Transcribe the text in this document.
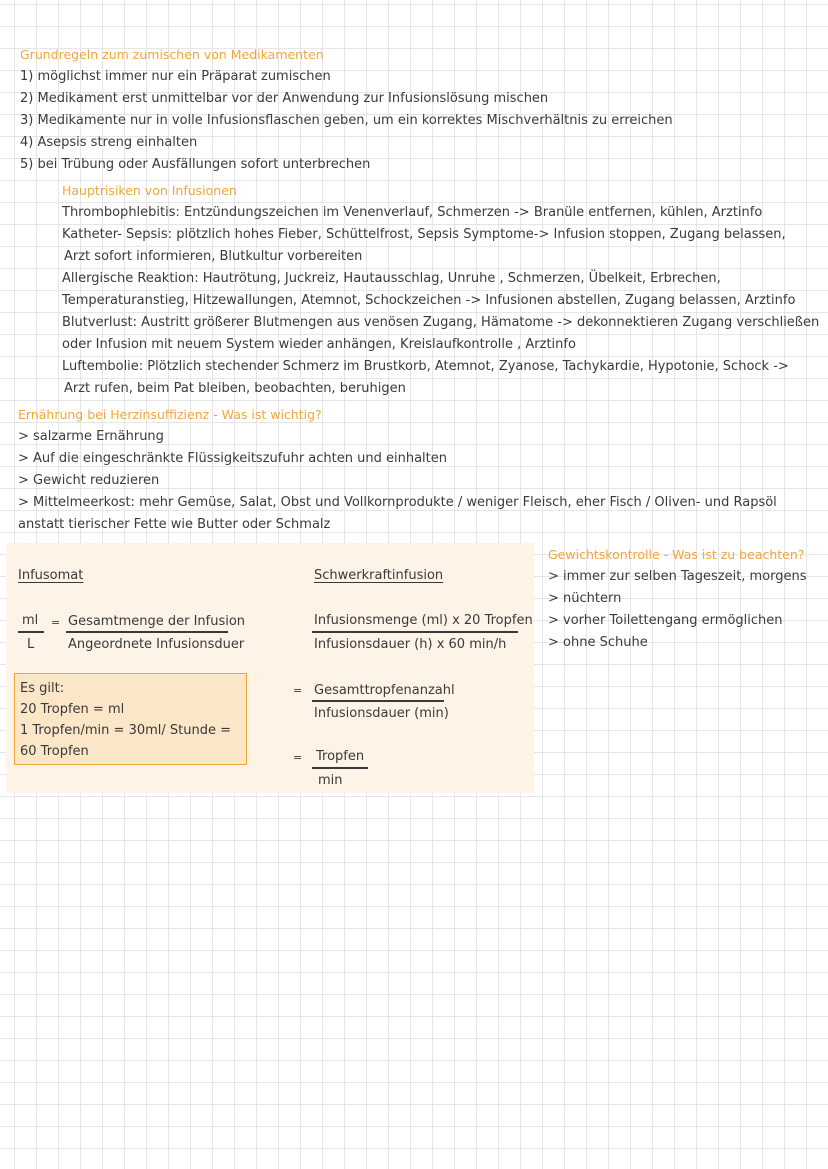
Grundregeln zum zumischen von Medikamenten
1) möglichst immer nur ein Präparat zumischen
2) Medikament erst unmittelbar vor der Anwendung zur Infusionslösung mischen
3) Medikamente nur in volle Infusionsflaschen geben, um ein korrektes Mischverhältnis zu erreichen
4) Asepsis streng einhalten
5) bei Trübung oder Ausfällungen sofort unterbrechen
Hauptrisiken von Infusionen
Thrombophlebitis: Entzündungszeichen im Venenverlauf, Schmerzen -> Branüle entfernen, kühlen, Arztinfo
Katheter- Sepsis: plötzlich hohes Fieber, Schüttelfrost, Sepsis Symptome-> Infusion stoppen, Zugang belassen,
Arzt sofort informieren, Blutkultur vorbereiten
Allergische Reaktion: Hautrötung, Juckreiz, Hautausschlag, Unruhe , Schmerzen, Übelkeit, Erbrechen,
Temperaturanstieg, Hitzewallungen, Atemnot, Schockzeichen -> Infusionen abstellen, Zugang belassen, Arztinfo
Blutverlust: Austritt größerer Blutmengen aus venösen Zugang, Hämatome -> dekonnektieren Zugang verschließen
oder Infusion mit neuem System wieder anhängen, Kreislaufkontrolle , Arztinfo
Luftembolie: Plötzlich stechender Schmerz im Brustkorb, Atemnot, Zyanose, Tachykardie, Hypotonie, Schock ->
Arzt rufen, beim Pat bleiben, beobachten, beruhigen
Ernährung bei Herzinsuffizienz - Was ist wichtig?
> salzarme Ernährung
> Auf die eingeschränkte Flüssigkeitszufuhr achten und einhalten
> Gewicht reduzieren
> Mittelmeerkost: mehr Gemüse, Salat, Obst und Vollkornprodukte / weniger Fleisch, eher Fisch / Oliven- und Rapsöl anstatt tierischer Fette wie Butter oder Schmalz
Infusomat
ml
L
= Gesamtmenge der Infusion
Angeordnete Infusionsduer
Es gilt:
20 Tropfen = ml
1 Tropfen/min = 30ml/ Stunde = 60 Tropfen
Schwerkraftinfusion
Infusionsmenge (ml) x 20 Tropfen
Infusionsdauer (h) x 60 min/h
= Gesamttropfenanzahl
Infusionsdauer (min)
= Tropfen
min
Gewichtskontrolle - Was ist zu beachten?
> immer zur selben Tageszeit, morgens
> nüchtern
> vorher Toilettengang ermöglichen
> ohne Schuhe
